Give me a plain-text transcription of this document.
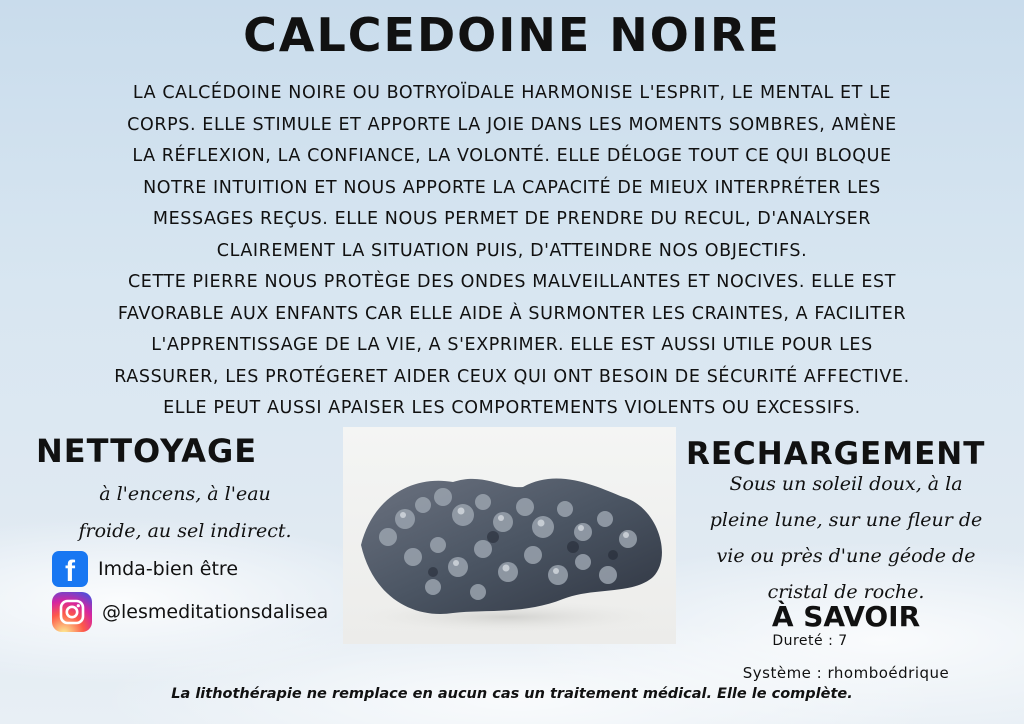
CALCEDOINE NOIRE

LA CALCÉDOINE NOIRE OU BOTRYOÏDALE HARMONISE L'ESPRIT, LE MENTAL ET LE

CORPS. ELLE STIMULE ET APPORTE LA JOIE DANS LES MOMENTS SOMBRES, AMÈNE

LA RÉFLEXION, LA CONFIANCE, LA VOLONTÉ. ELLE DÉLOGE TOUT CE QUI BLOQUE

NOTRE INTUITION ET NOUS APPORTE LA CAPACITÉ DE MIEUX INTERPRÉTER LES

MESSAGES REÇUS. ELLE NOUS PERMET DE PRENDRE DU RECUL, D'ANALYSER

CLAIREMENT LA SITUATION PUIS, D'ATTEINDRE NOS OBJECTIFS.

CETTE PIERRE NOUS PROTÈGE DES ONDES MALVEILLANTES ET NOCIVES. ELLE EST

FAVORABLE AUX ENFANTS CAR ELLE AIDE À SURMONTER LES CRAINTES, A FACILITER

L'APPRENTISSAGE DE LA VIE, A S'EXPRIMER. ELLE EST AUSSI UTILE POUR LES

RASSURER, LES PROTÉGERET AIDER CEUX QUI ONT BESOIN DE SÉCURITÉ AFFECTIVE.

ELLE PEUT AUSSI APAISER LES COMPORTEMENTS VIOLENTS OU EXCESSIFS.

NETTOYAGE
à l'encens, à l'eau
froide, au sel indirect.
f	Imda-bien être
@lesmeditationsdalisea
RECHARGEMENT
Sous un soleil doux, à la
pleine lune, sur une fleur de
vie ou près d'une géode de
cristal de roche.
À SAVOIR
Dureté : 7
Système : rhomboédrique
La lithothérapie ne remplace en aucun cas un traitement médical. Elle le complète.
